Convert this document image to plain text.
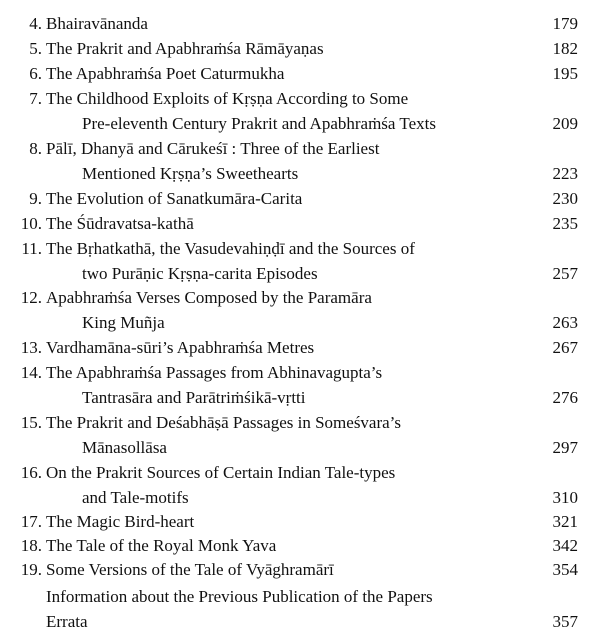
4. Bhairavānanda	179
5. The Prakrit and Apabhraṁśa Rāmāyaṇas	182
6. The Apabhraṁśa Poet Caturmukha	195
7. The Childhood Exploits of Kṛṣṇa According to Some
Pre-eleventh Century Prakrit and Apabhraṁśa Texts	209
8. Pālī, Dhanyā and Cārukeśī : Three of the Earliest
Mentioned Kṛṣṇa’s Sweethearts	223
9. The Evolution of Sanatkumāra-Carita	230
10. The Śūdravatsa-kathā	235
11. The Bṛhatkathā, the Vasudevahiṇḍī and the Sources of
two Purāṇic Kṛṣṇa-carita Episodes	257
12. Apabhraṁśa Verses Composed by the Paramāra
King Muñja	263
13. Vardhamāna-sūri’s Apabhraṁśa Metres	267
14. The Apabhraṁśa Passages from Abhinavagupta’s
Tantrasāra and Parātriṁśikā-vṛtti	276
15. The Prakrit and Deśabhāṣā Passages in Someśvara’s
Mānasollāsa	297
16. On the Prakrit Sources of Certain Indian Tale-types
and Tale-motifs	310
17. The Magic Bird-heart	321
18. The Tale of the Royal Monk Yava	342
19. Some Versions of the Tale of Vyāghramārī	354
Information about the Previous Publication of the Papers
Errata	357
